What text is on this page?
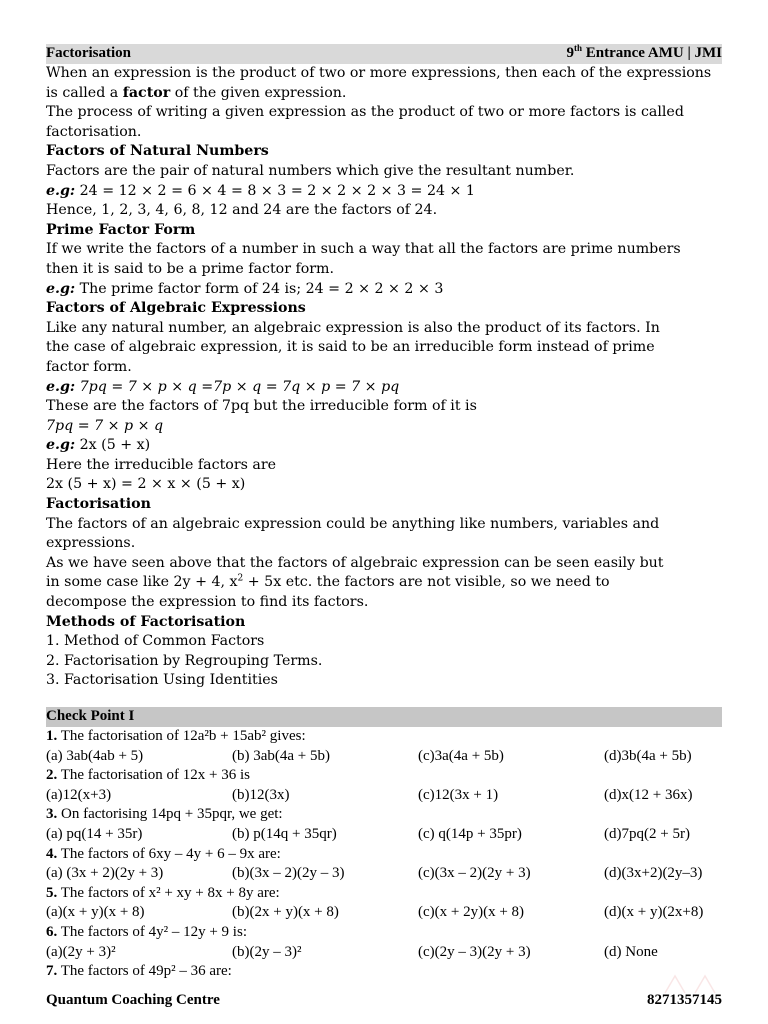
Factorisation	9th Entrance AMU | JMI

When an expression is the product of two or more expressions, then each of the expressions

is called a factor of the given expression.

The process of writing a given expression as the product of two or more factors is called

factorisation.

Factors of Natural Numbers

Factors are the pair of natural numbers which give the resultant number.

e.g: 24 = 12 × 2 = 6 × 4 = 8 × 3 = 2 × 2 × 2 × 3 = 24 × 1

Hence, 1, 2, 3, 4, 6, 8, 12 and 24 are the factors of 24.

Prime Factor Form

If we write the factors of a number in such a way that all the factors are prime numbers

then it is said to be a prime factor form.

e.g: The prime factor form of 24 is; 24 = 2 × 2 × 2 × 3

Factors of Algebraic Expressions

Like any natural number, an algebraic expression is also the product of its factors. In

the case of algebraic expression, it is said to be an irreducible form instead of prime

factor form.

e.g: 7pq = 7 × p × q =7p × q = 7q × p = 7 × pq

These are the factors of 7pq but the irreducible form of it is

7pq = 7 × p × q

e.g: 2x (5 + x)

Here the irreducible factors are

2x (5 + x) = 2 × x × (5 + x)

Factorisation

The factors of an algebraic expression could be anything like numbers, variables and

expressions.

As we have seen above that the factors of algebraic expression can be seen easily but

in some case like 2y + 4, $x^2 + 5x$ etc. the factors are not visible, so we need to

decompose the expression to find its factors.

Methods of Factorisation

1. Method of Common Factors

2. Factorisation by Regrouping Terms.

3. Factorisation Using Identities

Check Point I
1. The factorisation of 12a²b + 15ab² gives:
(a) 3ab(4ab + 5)	(b) 3ab(4a + 5b)	(c)3a(4a + 5b)	(d)3b(4a + 5b)
2. The factorisation of 12x + 36 is
(a)12(x+3)	(b)12(3x)	(c)12(3x + 1)	(d)x(12 + 36x)
3. On factorising 14pq + 35pqr, we get:
(a) pq(14 + 35r)	(b) p(14q + 35qr)	(c) q(14p + 35pr)	(d)7pq(2 + 5r)
4. The factors of 6xy – 4y + 6 – 9x are:
(a) (3x + 2)(2y + 3)	(b)(3x – 2)(2y – 3)	(c)(3x – 2)(2y + 3)	(d)(3x+2)(2y–3)
5. The factors of x² + xy + 8x + 8y are:
(a)(x + y)(x + 8)	(b)(2x + y)(x + 8)	(c)(x + 2y)(x + 8)	(d)(x + y)(2x+8)
6. The factors of 4y² – 12y + 9 is:
(a)(2y + 3)²	(b)(2y – 3)²	(c)(2y – 3)(2y + 3)	(d) None
7. The factors of 49p² – 36 are:
Quantum Coaching Centre	8271357145
